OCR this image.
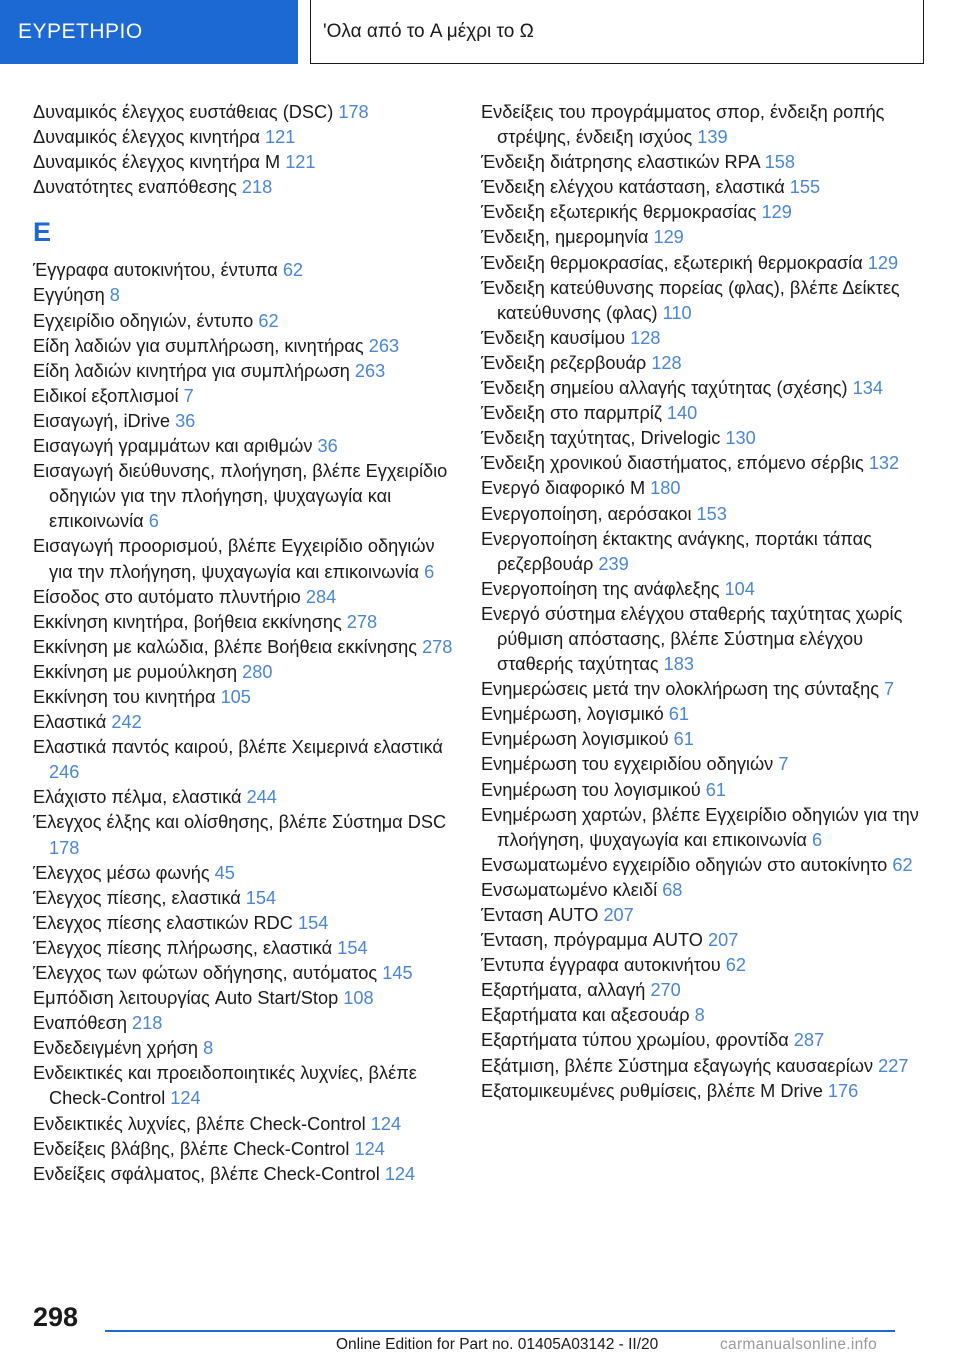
ΕΥΡΕΤΗΡΙΟ	'Ολα από το A μέχρι το Ω
Δυναμικός έλεγχος ευστάθειας (DSC) 178
Δυναμικός έλεγχος κινητήρα 121
Δυναμικός έλεγχος κινητήρα M 121
Δυνατότητες εναπόθεσης 218
Ε
Έγγραφα αυτοκινήτου, έντυπα 62
Εγγύηση 8
Εγχειρίδιο οδηγιών, έντυπο 62
Είδη λαδιών για συμπλήρωση, κινητήρας 263
Είδη λαδιών κινητήρα για συμπλήρωση 263
Ειδικοί εξοπλισμοί 7
Εισαγωγή, iDrive 36
Εισαγωγή γραμμάτων και αριθμών 36
Εισαγωγή διεύθυνσης, πλοήγηση, βλέπε Εγχειρίδιο οδηγιών για την πλοήγηση, ψυχαγωγία και επικοινωνία 6
Εισαγωγή προορισμού, βλέπε Εγχειρίδιο οδηγιών για την πλοήγηση, ψυχαγωγία και επικοινωνία 6
Είσοδος στο αυτόματο πλυντήριο 284
Εκκίνηση κινητήρα, βοήθεια εκκίνησης 278
Εκκίνηση με καλώδια, βλέπε Βοήθεια εκκίνησης 278
Εκκίνηση με ρυμούλκηση 280
Εκκίνηση του κινητήρα 105
Ελαστικά 242
Ελαστικά παντός καιρού, βλέπε Χειμερινά ελαστικά 246
Ελάχιστο πέλμα, ελαστικά 244
Έλεγχος έλξης και ολίσθησης, βλέπε Σύστημα DSC 178
Έλεγχος μέσω φωνής 45
Έλεγχος πίεσης, ελαστικά 154
Έλεγχος πίεσης ελαστικών RDC 154
Έλεγχος πίεσης πλήρωσης, ελαστικά 154
Έλεγχος των φώτων οδήγησης, αυτόματος 145
Εμπόδιση λειτουργίας Auto Start/Stop 108
Εναπόθεση 218
Ενδεδειγμένη χρήση 8
Ενδεικτικές και προειδοποιητικές λυχνίες, βλέπε Check-Control 124
Ενδεικτικές λυχνίες, βλέπε Check-Control 124
Ενδείξεις βλάβης, βλέπε Check-Control 124
Ενδείξεις σφάλματος, βλέπε Check-Control 124
Ενδείξεις του προγράμματος σπορ, ένδειξη ροπής στρέψης, ένδειξη ισχύος 139
Ένδειξη διάτρησης ελαστικών RPA 158
Ένδειξη ελέγχου κατάσταση, ελαστικά 155
Ένδειξη εξωτερικής θερμοκρασίας 129
Ένδειξη, ημερομηνία 129
Ένδειξη θερμοκρασίας, εξωτερική θερμοκρασία 129
Ένδειξη κατεύθυνσης πορείας (φλας), βλέπε Δείκτες κατεύθυνσης (φλας) 110
Ένδειξη καυσίμου 128
Ένδειξη ρεζερβουάρ 128
Ένδειξη σημείου αλλαγής ταχύτητας (σχέσης) 134
Ένδειξη στο παρμπρίζ 140
Ένδειξη ταχύτητας, Drivelogic 130
Ένδειξη χρονικού διαστήματος, επόμενο σέρβις 132
Ενεργό διαφορικό M 180
Ενεργοποίηση, αερόσακοι 153
Ενεργοποίηση έκτακτης ανάγκης, πορτάκι τάπας ρεζερβουάρ 239
Ενεργοποίηση της ανάφλεξης 104
Ενεργό σύστημα ελέγχου σταθερής ταχύτητας χωρίς ρύθμιση απόστασης, βλέπε Σύστημα ελέγχου σταθερής ταχύτητας 183
Ενημερώσεις μετά την ολοκλήρωση της σύνταξης 7
Ενημέρωση, λογισμικό 61
Ενημέρωση λογισμικού 61
Ενημέρωση του εγχειριδίου οδηγιών 7
Ενημέρωση του λογισμικού 61
Ενημέρωση χαρτών, βλέπε Εγχειρίδιο οδηγιών για την πλοήγηση, ψυχαγωγία και επικοινωνία 6
Ενσωματωμένο εγχειρίδιο οδηγιών στο αυτοκίνητο 62
Ενσωματωμένο κλειδί 68
Ένταση AUTO 207
Ένταση, πρόγραμμα AUTO 207
Έντυπα έγγραφα αυτοκινήτου 62
Εξαρτήματα, αλλαγή 270
Εξαρτήματα και αξεσουάρ 8
Εξαρτήματα τύπου χρωμίου, φροντίδα 287
Εξάτμιση, βλέπε Σύστημα εξαγωγής καυσαερίων 227
Εξατομικευμένες ρυθμίσεις, βλέπε M Drive 176
298
Online Edition for Part no. 01405A03142 - II/20	carmanualsonline.info
